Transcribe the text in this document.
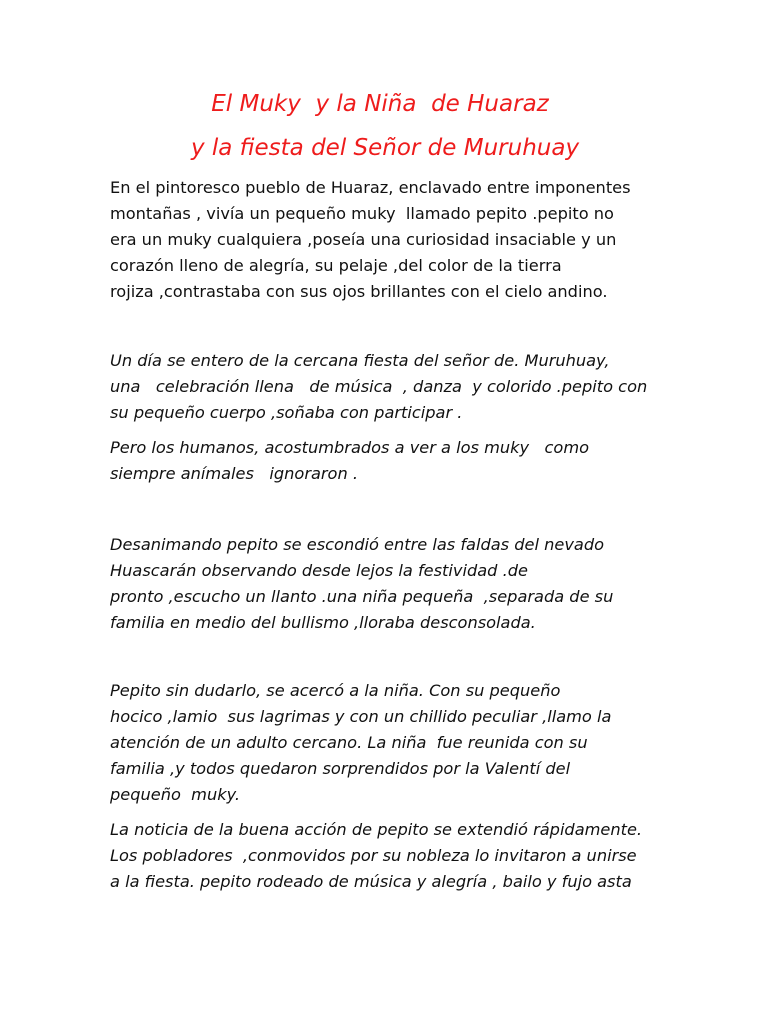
El Muky  y la Niña  de Huaraz
y la fiesta del Señor de Muruhuay
En el pintoresco pueblo de Huaraz, enclavado entre imponentes
montañas , vivía un pequeño muky  llamado pepito .pepito no
era un muky cualquiera ,poseía una curiosidad insaciable y un
corazón lleno de alegría, su pelaje ,del color de la tierra
rojiza ,contrastaba con sus ojos brillantes con el cielo andino.
Un día se entero de la cercana fiesta del señor de. Muruhuay,
una   celebración llena   de música  , danza  y colorido .pepito con
su pequeño cuerpo ,soñaba con participar .
Pero los humanos, acostumbrados a ver a los muky   como
siempre anímales   ignoraron .
Desanimando pepito se escondió entre las faldas del nevado
Huascarán observando desde lejos la festividad .de
pronto ,escucho un llanto .una niña pequeña  ,separada de su
familia en medio del bullismo ,lloraba desconsolada.
Pepito sin dudarlo, se acercó a la niña. Con su pequeño
hocico ,lamio  sus lagrimas y con un chillido peculiar ,llamo la
atención de un adulto cercano. La niña  fue reunida con su
familia ,y todos quedaron sorprendidos por la Valentí del
pequeño  muky.
La noticia de la buena acción de pepito se extendió rápidamente.
Los pobladores  ,conmovidos por su nobleza lo invitaron a unirse
a la fiesta. pepito rodeado de música y alegría , bailo y fujo asta
